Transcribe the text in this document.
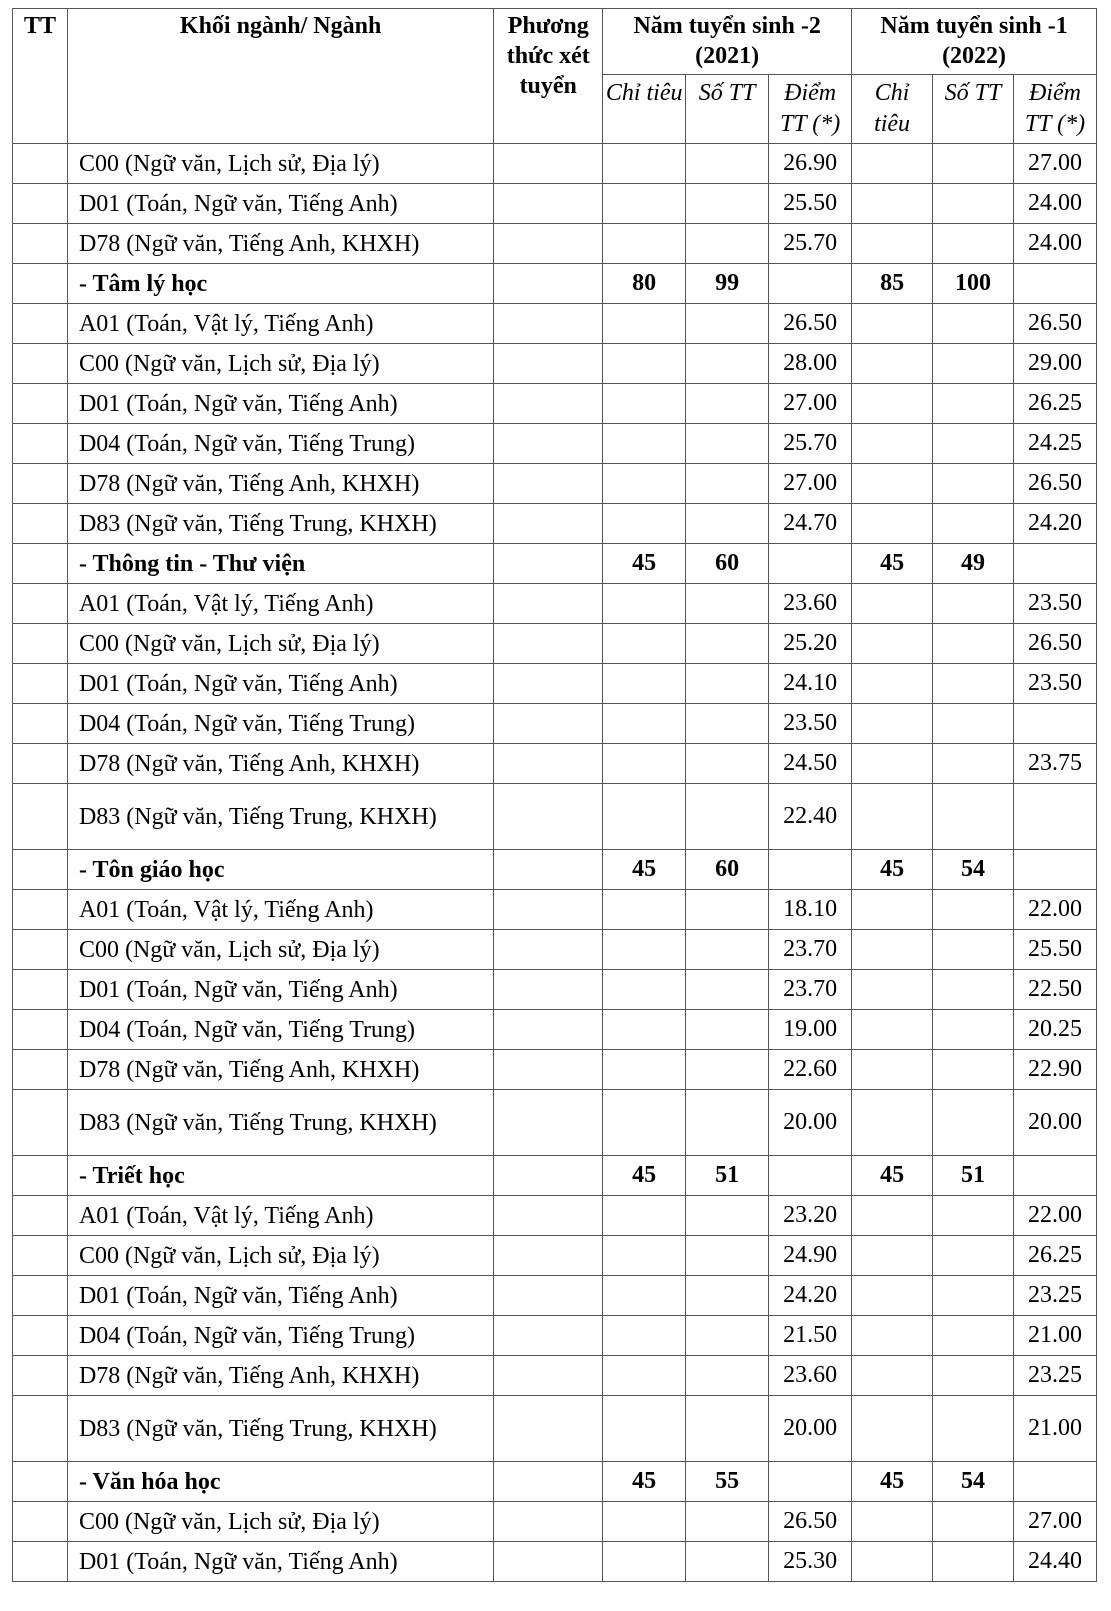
TT	Khối ngành/ Ngành	Phương thức xét tuyển	Năm tuyển sinh -2 (2021)			Năm tuyển sinh -1 (2022)		
			Chỉ tiêu	Số TT	Điểm TT (*)	Chỉ tiêu	Số TT	Điểm TT (*)
	C00 (Ngữ văn, Lịch sử, Địa lý)				26.90			27.00
	D01 (Toán, Ngữ văn, Tiếng Anh)				25.50			24.00
	D78 (Ngữ văn, Tiếng Anh, KHXH)				25.70			24.00
	- Tâm lý học		80	99		85	100	
	A01 (Toán, Vật lý, Tiếng Anh)				26.50			26.50
	C00 (Ngữ văn, Lịch sử, Địa lý)				28.00			29.00
	D01 (Toán, Ngữ văn, Tiếng Anh)				27.00			26.25
	D04 (Toán, Ngữ văn, Tiếng Trung)				25.70			24.25
	D78 (Ngữ văn, Tiếng Anh, KHXH)				27.00			26.50
	D83 (Ngữ văn, Tiếng Trung, KHXH)				24.70			24.20
	- Thông tin - Thư viện		45	60		45	49	
	A01 (Toán, Vật lý, Tiếng Anh)				23.60			23.50
	C00 (Ngữ văn, Lịch sử, Địa lý)				25.20			26.50
	D01 (Toán, Ngữ văn, Tiếng Anh)				24.10			23.50
	D04 (Toán, Ngữ văn, Tiếng Trung)				23.50			
	D78 (Ngữ văn, Tiếng Anh, KHXH)				24.50			23.75
	D83 (Ngữ văn, Tiếng Trung, KHXH)				22.40			
	- Tôn giáo học		45	60		45	54	
	A01 (Toán, Vật lý, Tiếng Anh)				18.10			22.00
	C00 (Ngữ văn, Lịch sử, Địa lý)				23.70			25.50
	D01 (Toán, Ngữ văn, Tiếng Anh)				23.70			22.50
	D04 (Toán, Ngữ văn, Tiếng Trung)				19.00			20.25
	D78 (Ngữ văn, Tiếng Anh, KHXH)				22.60			22.90
	D83 (Ngữ văn, Tiếng Trung, KHXH)				20.00			20.00
	- Triết học		45	51		45	51	
	A01 (Toán, Vật lý, Tiếng Anh)				23.20			22.00
	C00 (Ngữ văn, Lịch sử, Địa lý)				24.90			26.25
	D01 (Toán, Ngữ văn, Tiếng Anh)				24.20			23.25
	D04 (Toán, Ngữ văn, Tiếng Trung)				21.50			21.00
	D78 (Ngữ văn, Tiếng Anh, KHXH)				23.60			23.25
	D83 (Ngữ văn, Tiếng Trung, KHXH)				20.00			21.00
	- Văn hóa học		45	55		45	54	
	C00 (Ngữ văn, Lịch sử, Địa lý)				26.50			27.00
	D01 (Toán, Ngữ văn, Tiếng Anh)				25.30			24.40
